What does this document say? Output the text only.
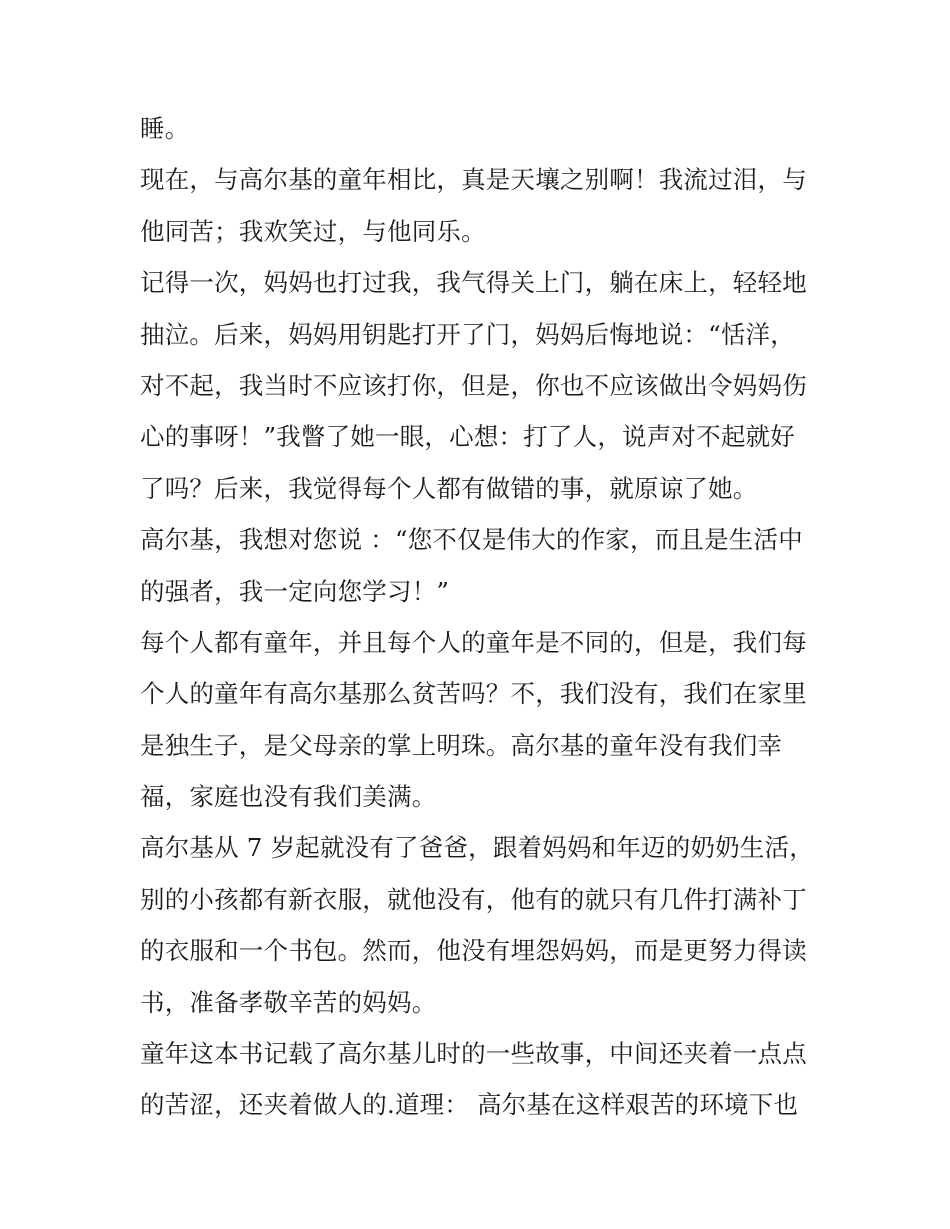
睡。
现在，与高尔基的童年相比，真是天壤之别啊！我流过泪，与
他同苦；我欢笑过，与他同乐。
记得一次，妈妈也打过我，我气得关上门，躺在床上，轻轻地
抽泣。后来，妈妈用钥匙打开了门，妈妈后悔地说：“恬洋，
对不起，我当时不应该打你，但是，你也不应该做出令妈妈伤
心的事呀！”我瞥了她一眼，心想：打了人，说声对不起就好
了吗？后来，我觉得每个人都有做错的事，就原谅了她。
高尔基，我想对您说 ：“您不仅是伟大的作家，而且是生活中
的强者，我一定向您学习！”
每个人都有童年，并且每个人的童年是不同的，但是，我们每
个人的童年有高尔基那么贫苦吗？不，我们没有，我们在家里
是独生子，是父母亲的掌上明珠。高尔基的童年没有我们幸
福，家庭也没有我们美满。
高尔基从 7 岁起就没有了爸爸，跟着妈妈和年迈的奶奶生活，
别的小孩都有新衣服，就他没有，他有的就只有几件打满补丁
的衣服和一个书包。然而，他没有埋怨妈妈，而是更努力得读
书，准备孝敬辛苦的妈妈。
童年这本书记载了高尔基儿时的一些故事，中间还夹着一点点
的苦涩，还夹着做人的.道理： 高尔基在这样艰苦的环境下也
